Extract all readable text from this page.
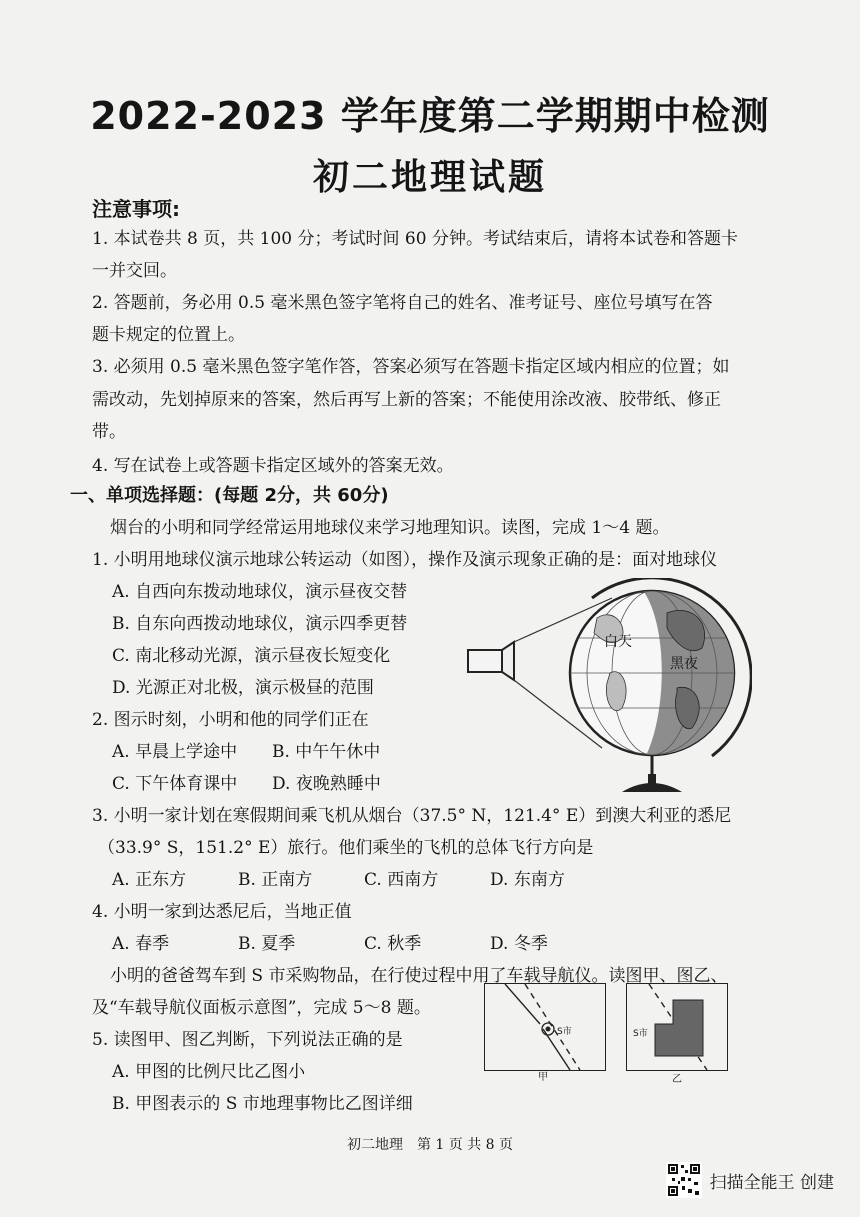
2022-2023 学年度第二学期期中检测
初二地理试题
注意事项:
1. 本试卷共 8 页，共 100 分；考试时间 60 分钟。考试结束后，请将本试卷和答题卡
一并交回。
2. 答题前，务必用 0.5 毫米黑色签字笔将自己的姓名、准考证号、座位号填写在答
题卡规定的位置上。
3. 必须用 0.5 毫米黑色签字笔作答，答案必须写在答题卡指定区域内相应的位置；如
需改动，先划掉原来的答案，然后再写上新的答案；不能使用涂改液、胶带纸、修正
带。
4. 写在试卷上或答题卡指定区域外的答案无效。
一、单项选择题：(每题 2分，共 60分)
烟台的小明和同学经常运用地球仪来学习地理知识。读图，完成 1～4 题。
1. 小明用地球仪演示地球公转运动（如图），操作及演示现象正确的是：面对地球仪
A. 自西向东拨动地球仪，演示昼夜交替
B. 自东向西拨动地球仪，演示四季更替
C. 南北移动光源，演示昼夜长短变化
D. 光源正对北极，演示极昼的范围
2. 图示时刻，小明和他的同学们正在
A. 早晨上学途中 B. 中午午休中
C. 下午体育课中 D. 夜晚熟睡中
3. 小明一家计划在寒假期间乘飞机从烟台（37.5° N，121.4° E）到澳大利亚的悉尼
（33.9° S，151.2° E）旅行。他们乘坐的飞机的总体飞行方向是
A. 正东方	B. 正南方	C. 西南方	D. 东南方
4. 小明一家到达悉尼后，当地正值
A. 春季	B. 夏季	C. 秋季	D. 冬季
小明的爸爸驾车到 S 市采购物品，在行使过程中用了车载导航仪。读图甲、图乙、
及“车载导航仪面板示意图”，完成 5～8 题。
5. 读图甲、图乙判断，下列说法正确的是
A. 甲图的比例尺比乙图小
B. 甲图表示的 S 市地理事物比乙图详细
白天
黑夜
S市
甲
S市
乙
初二地理　第 1 页 共 8 页
扫描全能王 创建
